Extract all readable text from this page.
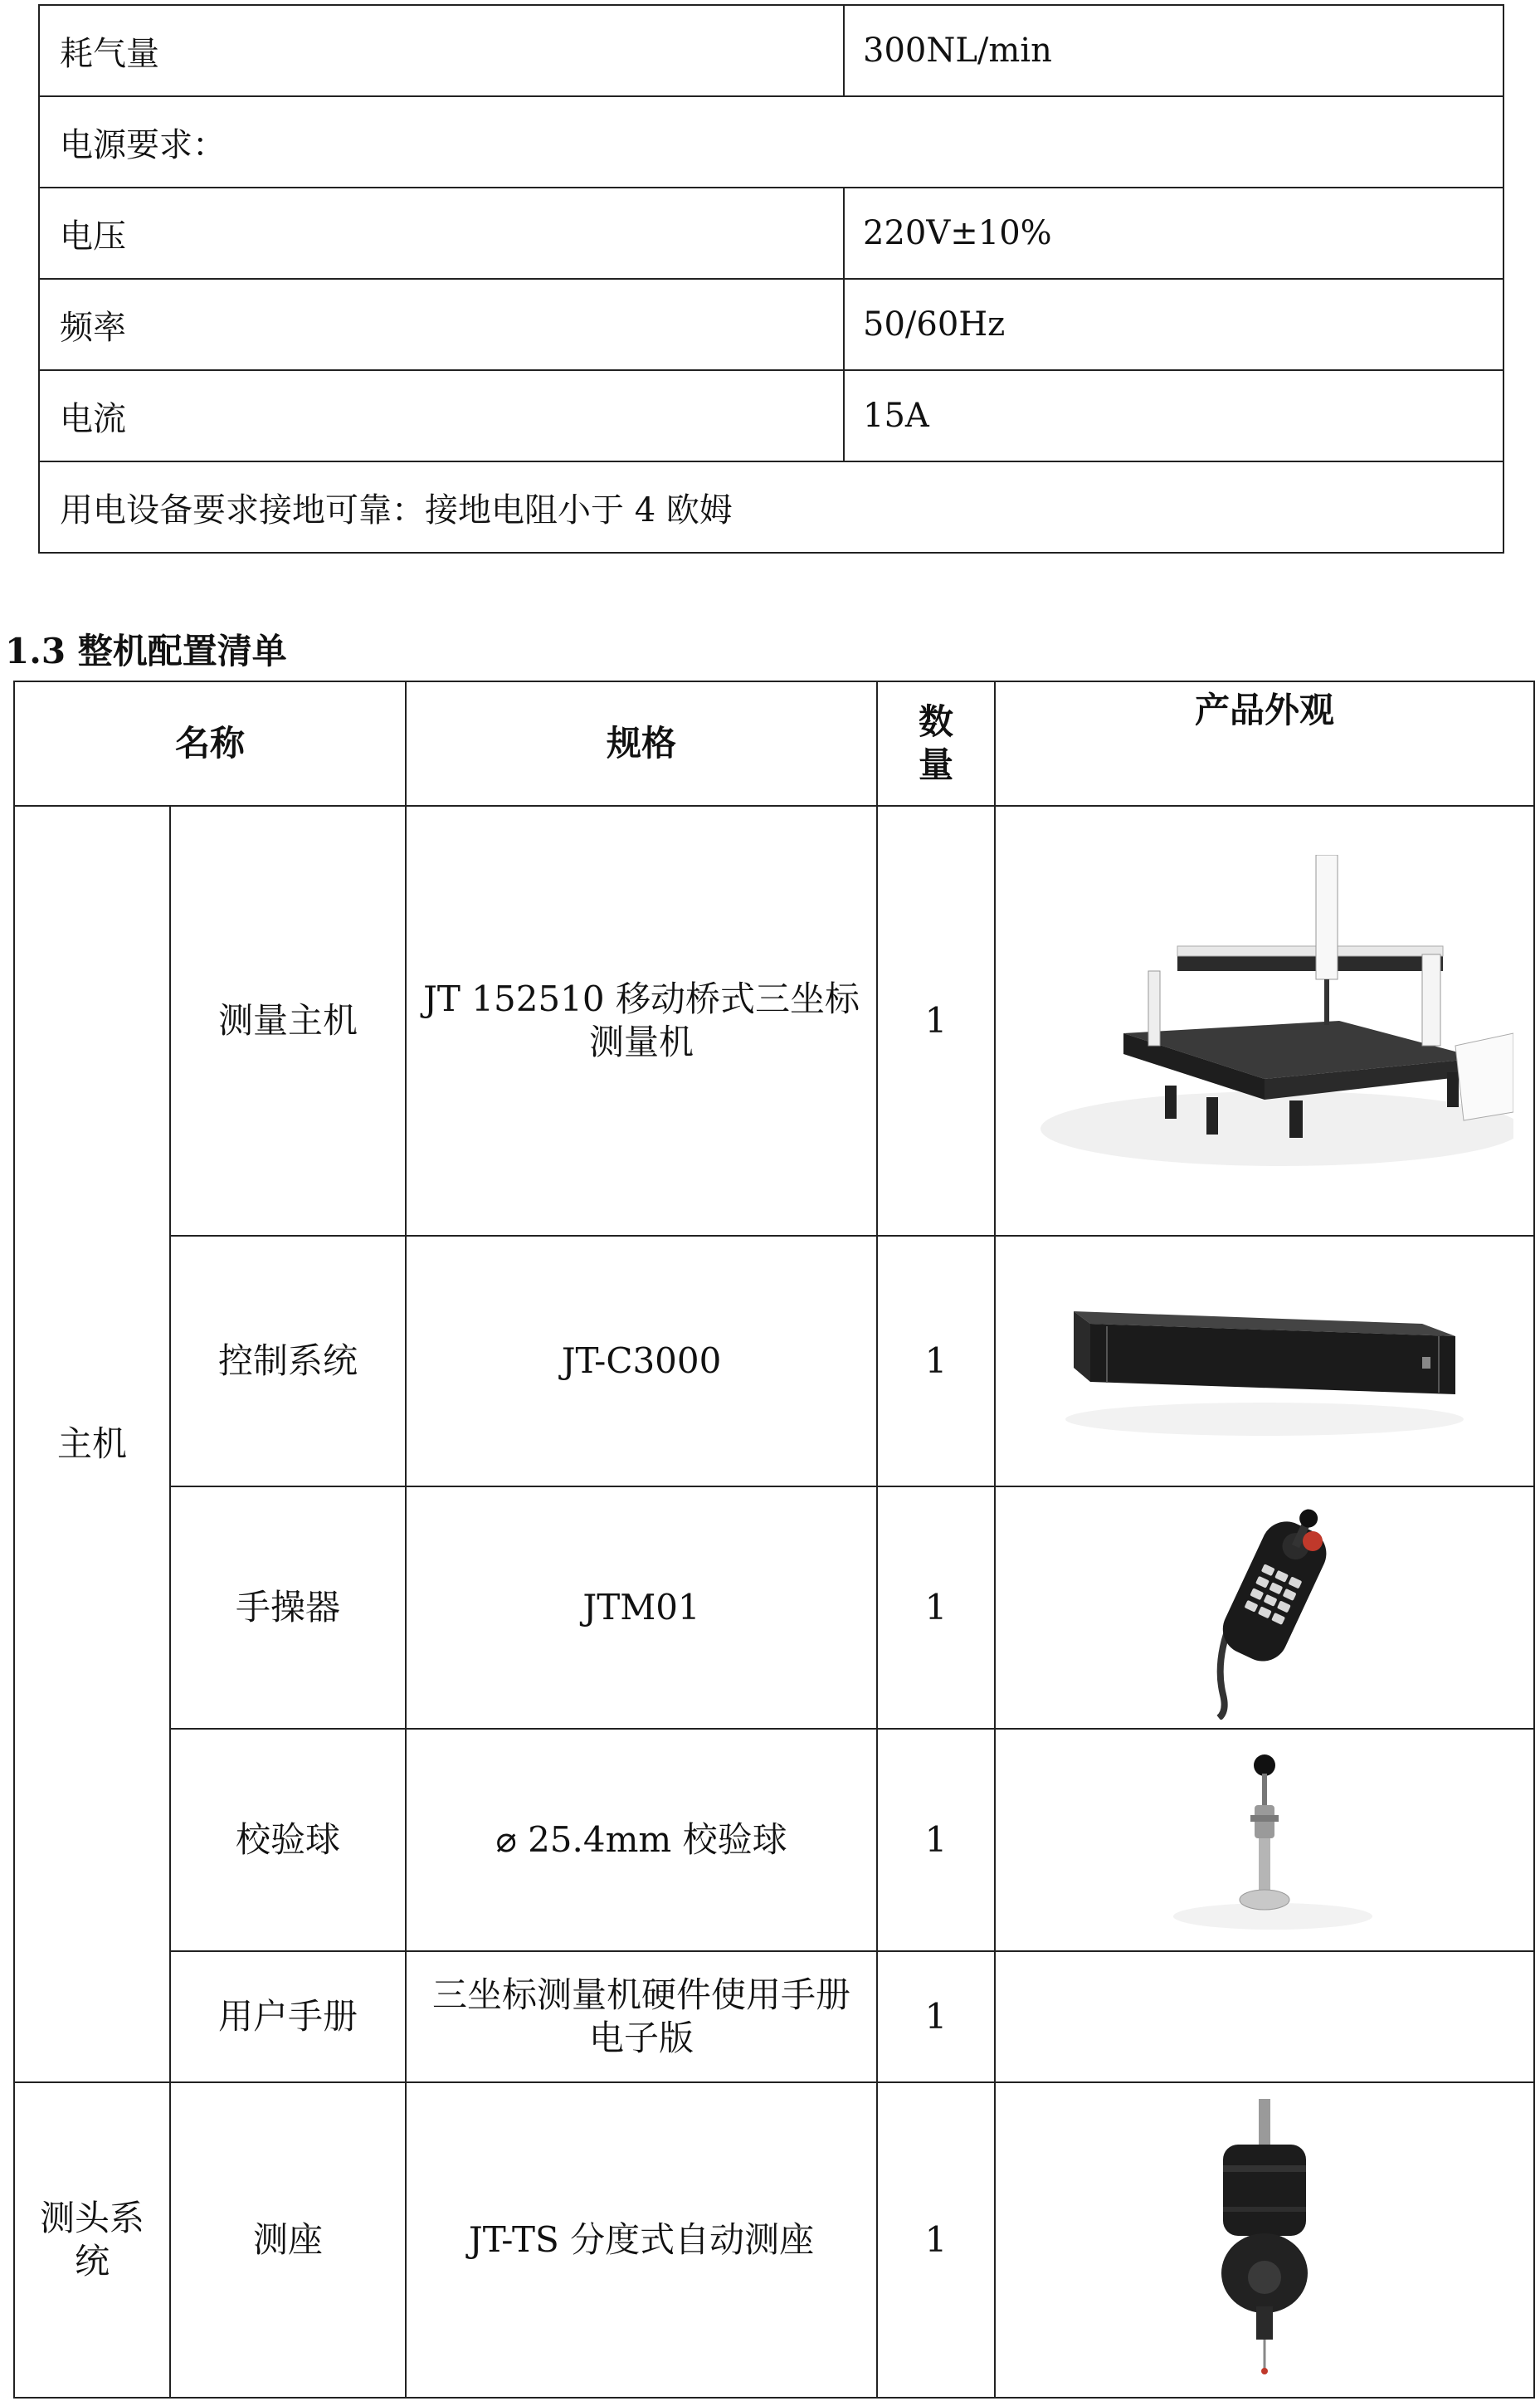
耗气量	300NL/min
电源要求：	
电压	220V±10%
频率	50/60Hz
电流	15A
用电设备要求接地可靠：接地电阻小于 4 欧姆	
1.3 整机配置清单
名称		规格	数量	产品外观
主机	测量主机	JT 152510 移动桥式三坐标测量机	1	

	控制系统	JT-C3000	1	

	手操器	JTM01	1	

	校验球	⌀ 25.4mm 校验球	1	

	用户手册	三坐标测量机硬件使用手册电子版	1	
测头系统	测座	JT-TS 分度式自动测座	1	
